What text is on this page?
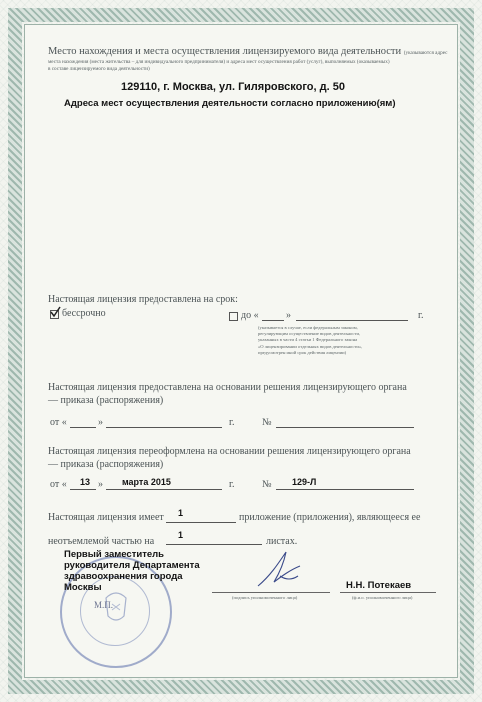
Место нахождения и места осуществления лицензируемого вида деятельности (указываются адрес
места нахождения (места жительства – для индивидуального предпринимателя) и адреса мест осуществления работ (услуг), выполняемых (оказываемых)
в составе лицензируемого вида деятельности)
129110, г. Москва, ул. Гиляровского, д. 50
Адреса мест осуществления деятельности согласно приложению(ям)
Настоящая лицензия предоставлена на срок:
бессрочно	до «	»	г.
(указывается в случае, если федеральным законом,
регулирующим осуществление видов деятельности,
указанных в части 4 статьи 1 Федерального закона
«О лицензировании отдельных видов деятельности»,
предусмотрен иной срок действия лицензии)
Настоящая лицензия предоставлена на основании решения лицензирующего органа
— приказа (распоряжения)
от «	»	г.	№
Настоящая лицензия переоформлена на основании решения лицензирующего органа
— приказа (распоряжения)
от « 13 » марта 2015	г.	№ 129-Л
Настоящая лицензия имеет 1	приложение (приложения), являющееся ее
неотъемлемой частью на
1
листах.
М.П.
Первый заместитель
руководителя Департамента
здравоохранения города
Москвы
(подпись уполномоченного лица)
Н.Н. Потекаев
(ф.и.о. уполномоченного лица)
